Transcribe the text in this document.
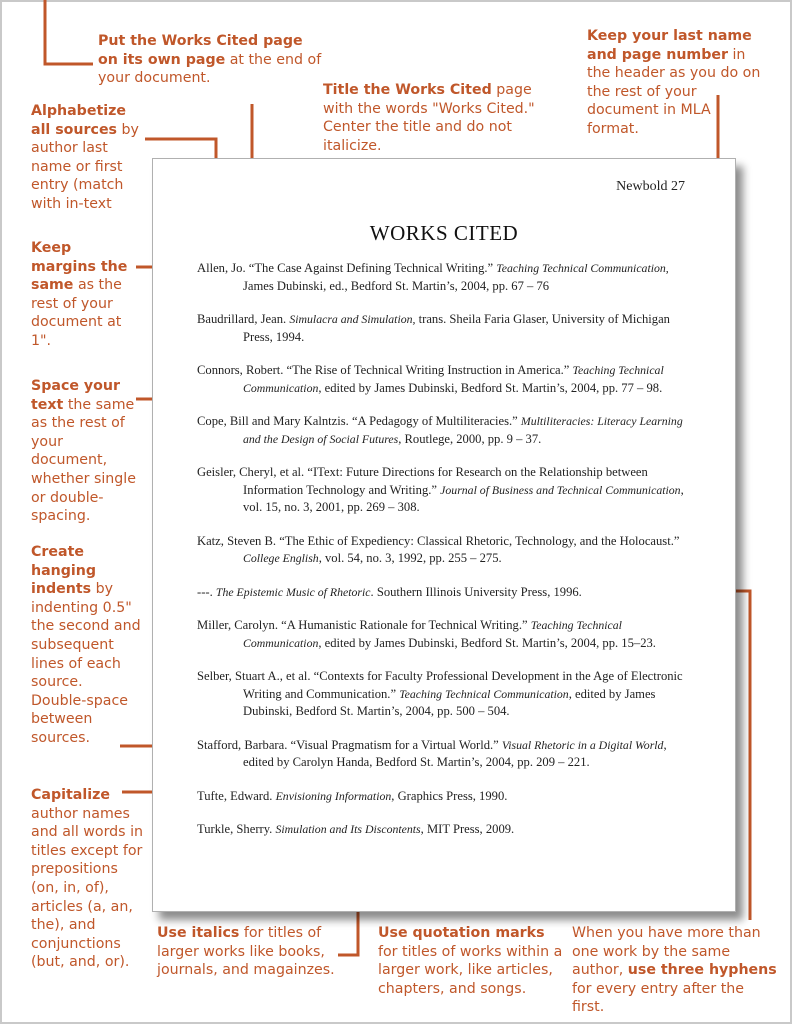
Put the Works Cited page on its own page at the end of your document.
Title the Works Cited page with the words "Works Cited." Center the title and do not italicize.
Keep your last name and page number in the header as you do on the rest of your document in MLA format.
Alphabetize all sources by author last name or first entry (match with in-text
Keep margins the same as the rest of your document at 1".
Space your text the same as the rest of your document, whether single or double-spacing.
Create hanging indents by indenting 0.5" the second and subsequent lines of each source.
Double-space between sources.
Capitalize author names and all words in titles except for prepositions (on, in, of), articles (a, an, the), and conjunctions (but, and, or).
Use italics for titles of larger works like books, journals, and magainzes.
Use quotation marks for titles of works within a larger work, like articles, chapters, and songs.
When you have more than one work by the same author, use three hyphens for every entry after the first.
Newbold 27
WORKS CITED
Allen, Jo. “The Case Against Defining Technical Writing.” Teaching Technical Communication, James Dubinski, ed., Bedford St. Martin’s, 2004, pp. 67 – 76
Baudrillard, Jean. Simulacra and Simulation, trans. Sheila Faria Glaser, University of Michigan Press, 1994.
Connors, Robert. “The Rise of Technical Writing Instruction in America.” Teaching Technical Communication, edited by James Dubinski, Bedford St. Martin’s, 2004, pp. 77 – 98.
Cope, Bill and Mary Kalntzis. “A Pedagogy of Multiliteracies.” Multiliteracies: Literacy Learning and the Design of Social Futures, Routlege, 2000, pp. 9 – 37.
Geisler, Cheryl, et al. “IText: Future Directions for Research on the Relationship between Information Technology and Writing.” Journal of Business and Technical Communication, vol. 15, no. 3, 2001, pp. 269 – 308.
Katz, Steven B. “The Ethic of Expediency: Classical Rhetoric, Technology, and the Holocaust.” College English, vol. 54, no. 3, 1992, pp. 255 – 275.
---. The Epistemic Music of Rhetoric. Southern Illinois University Press, 1996.
Miller, Carolyn. “A Humanistic Rationale for Technical Writing.” Teaching Technical Communication, edited by James Dubinski, Bedford St. Martin’s, 2004, pp. 15–23.
Selber, Stuart A., et al. “Contexts for Faculty Professional Development in the Age of Electronic Writing and Communication.” Teaching Technical Communication, edited by James Dubinski, Bedford St. Martin’s, 2004, pp. 500 – 504.
Stafford, Barbara. “Visual Pragmatism for a Virtual World.” Visual Rhetoric in a Digital World, edited by Carolyn Handa, Bedford St. Martin’s, 2004, pp. 209 – 221.
Tufte, Edward. Envisioning Information, Graphics Press, 1990.
Turkle, Sherry. Simulation and Its Discontents, MIT Press, 2009.
